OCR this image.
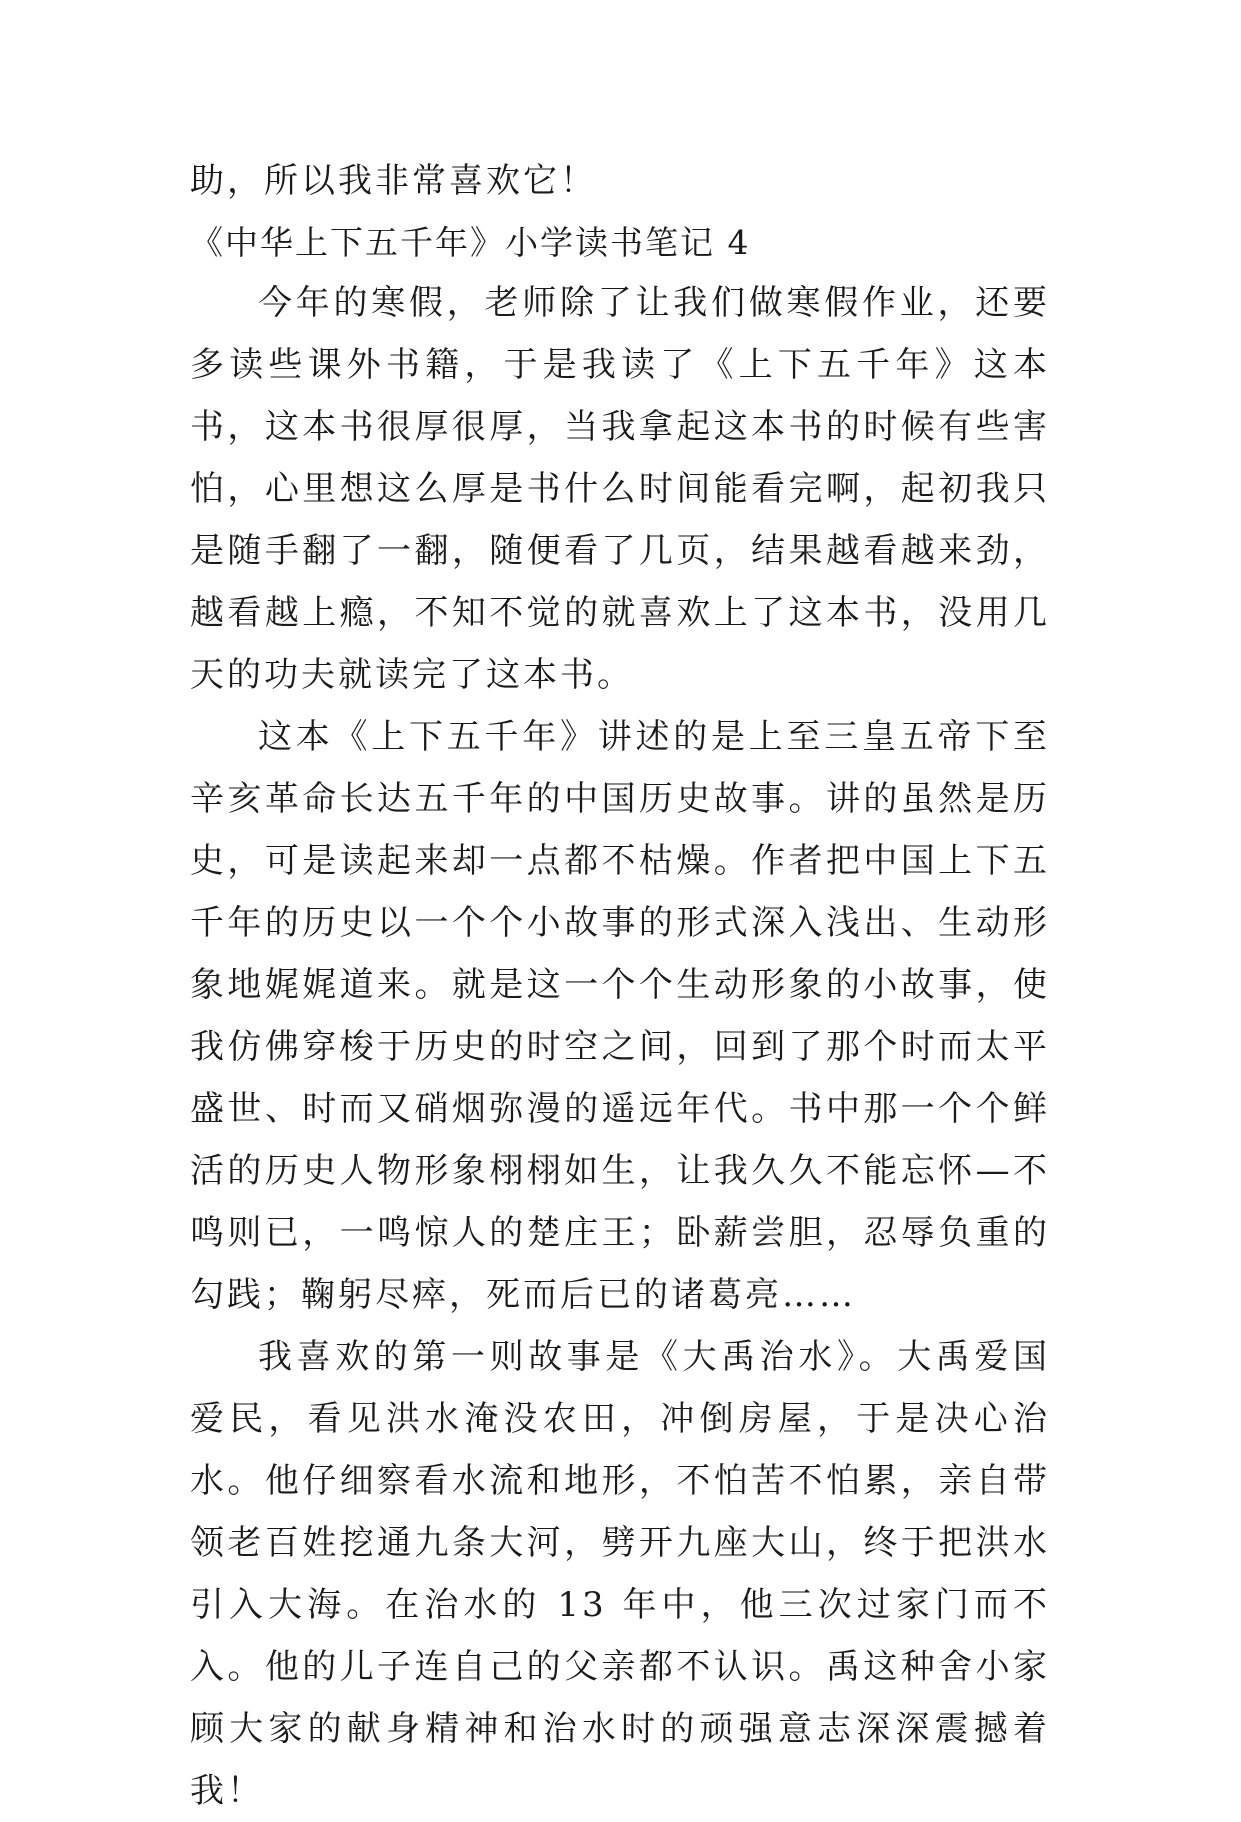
助，所以我非常喜欢它！

《中华上下五千年》小学读书笔记 4

今年的寒假，老师除了让我们做寒假作业，还要多读些课外书籍，于是我读了《上下五千年》这本书，这本书很厚很厚，当我拿起这本书的时候有些害怕，心里想这么厚是书什么时间能看完啊，起初我只是随手翻了一翻，随便看了几页，结果越看越来劲，越看越上瘾，不知不觉的就喜欢上了这本书，没用几天的功夫就读完了这本书。

这本《上下五千年》讲述的是上至三皇五帝下至辛亥革命长达五千年的中国历史故事。讲的虽然是历史，可是读起来却一点都不枯燥。作者把中国上下五千年的历史以一个个小故事的形式深入浅出、生动形象地娓娓道来。就是这一个个生动形象的小故事，使我仿佛穿梭于历史的时空之间，回到了那个时而太平盛世、时而又硝烟弥漫的遥远年代。书中那一个个鲜活的历史人物形象栩栩如生，让我久久不能忘怀—不鸣则已，一鸣惊人的楚庄王；卧薪尝胆，忍辱负重的勾践；鞠躬尽瘁，死而后已的诸葛亮……

我喜欢的第一则故事是《大禹治水》。大禹爱国爱民，看见洪水淹没农田，冲倒房屋，于是决心治水。他仔细察看水流和地形，不怕苦不怕累，亲自带领老百姓挖通九条大河，劈开九座大山，终于把洪水引入大海。在治水的 13 年中，他三次过家门而不入。他的儿子连自己的父亲都不认识。禹这种舍小家顾大家的献身精神和治水时的顽强意志深深震撼着我！
